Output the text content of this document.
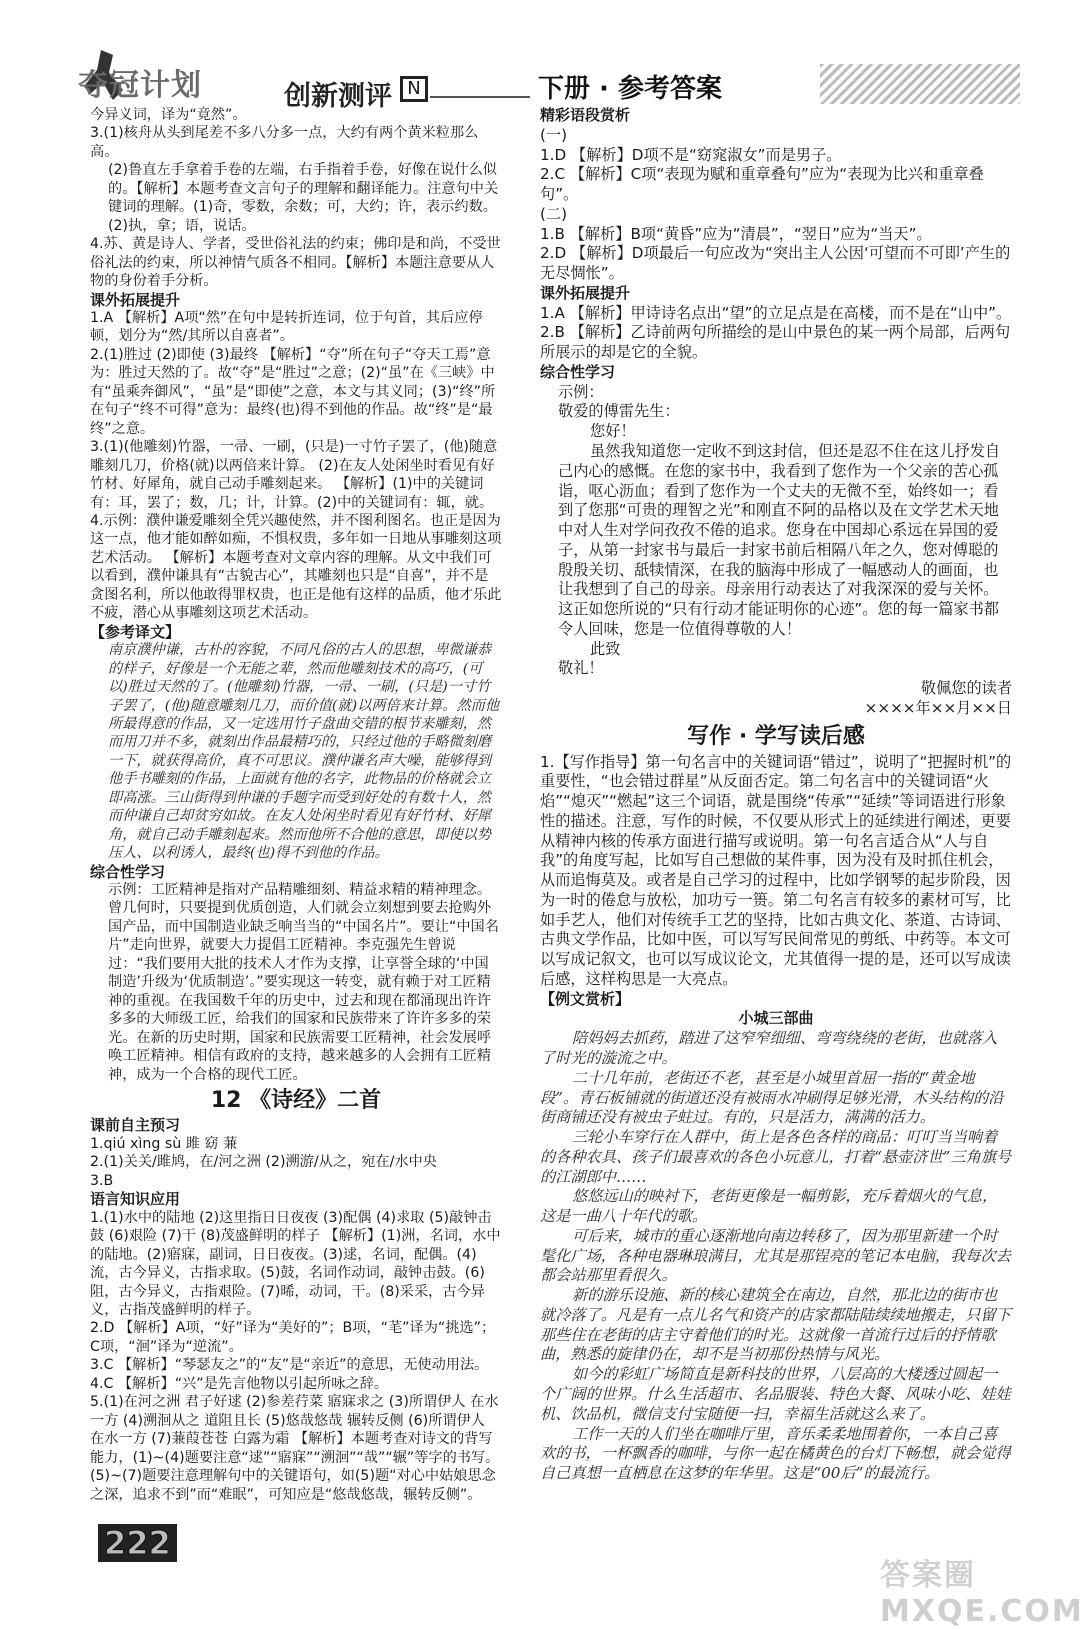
夺冠计划	创新测评 N	下册 · 参考答案

今异义词，译为“竟然”。

3.(1)核舟从头到尾差不多八分多一点，大约有两个黄米粒那么高。

(2)鲁直左手拿着手卷的左端，右手指着手卷，好像在说什么似的。【解析】本题考查文言句子的理解和翻译能力。注意句中关键词的理解。(1)奇，零数，余数；可，大约；许，表示约数。(2)执，拿；语，说话。

4.苏、黄是诗人、学者，受世俗礼法的约束；佛印是和尚，不受世俗礼法的约束，所以神情气质各不相同。【解析】本题注意要从人物的身份着手分析。

课外拓展提升

1.A 【解析】A项“然”在句中是转折连词，位于句首，其后应停顿，划分为“然/其所以自喜者”。

2.(1)胜过 (2)即使 (3)最终 【解析】“夺”所在句子“夺天工焉”意为：胜过天然的了。故“夺”是“胜过”之意；(2)“虽”在《三峡》中有“虽乘奔御风”，“虽”是“即使”之意，本文与其义同；(3)“终”所在句子“终不可得”意为：最终(也)得不到他的作品。故“终”是“最终”之意。

3.(1)(他雕刻)竹器，一帚、一刷，(只是)一寸竹子罢了，(他)随意雕刻几刀，价格(就)以两倍来计算。 (2)在友人处闲坐时看见有好竹材、好犀角，就自己动手雕刻起来。 【解析】(1)中的关键词有：耳，罢了；数，几；计，计算。(2)中的关键词有：辄，就。

4.示例：濮仲谦爱雕刻全凭兴趣使然，并不图利图名。也正是因为这一点，他才能如醉如痴，不惧权贵，多年如一日地从事雕刻这项艺术活动。 【解析】本题考查对文章内容的理解。从文中我们可以看到，濮仲谦具有“古貌古心”，其雕刻也只是“自喜”，并不是贪图名利，所以他敢得罪权贵，也正是他有这样的品质，他才乐此不疲，潜心从事雕刻这项艺术活动。

【参考译文】

南京濮仲谦，古朴的容貌，不同凡俗的古人的思想，卑微谦恭的样子，好像是一个无能之辈，然而他雕刻技术的高巧，(可以)胜过天然的了。(他雕刻)竹器，一帚、一刷，(只是)一寸竹子罢了，(他)随意雕刻几刀，而价值(就)以两倍来计算。然而他所最得意的作品，又一定选用竹子盘曲交错的根节来雕刻，然而用刀并不多，就刻出作品最精巧的，只经过他的手略微刻磨一下，就获得高价，真不可思议。濮仲谦名声大噪，能够得到他手书雕刻的作品，上面就有他的名字，此物品的价格就会立即高涨。三山街得到仲谦的手题字而受到好处的有数十人，然而仲谦自己却贫穷如故。在友人处闲坐时看见有好竹材、好犀角，就自己动手雕刻起来。然而他所不合他的意思，即使以势压人、以利诱人，最终(也)得不到他的作品。

综合性学习

示例：工匠精神是指对产品精雕细刻、精益求精的精神理念。曾几何时，只要提到优质创造，人们就会立刻想到要去抢购外国产品，而中国制造业缺乏响当当的“中国名片”。要让“中国名片”走向世界，就要大力提倡工匠精神。李克强先生曾说过：“我们要用大批的技术人才作为支撑，让享誉全球的‘中国制造’升级为‘优质制造’。”要实现这一转变，就有赖于对工匠精神的重视。在我国数千年的历史中，过去和现在都涌现出许许多多的大师级工匠，给我们的国家和民族带来了许许多多的荣光。在新的历史时期，国家和民族需要工匠精神，社会发展呼唤工匠精神。相信有政府的支持，越来越多的人会拥有工匠精神，成为一个合格的现代工匠。

12 《诗经》二首

课前自主预习

1.qiú xìng sù 雎 窈 蒹

2.(1)关关/雎鸠，在/河之洲 (2)溯游/从之，宛在/水中央

3.B

语言知识应用

1.(1)水中的陆地 (2)这里指日日夜夜 (3)配偶 (4)求取 (5)敲钟击鼓 (6)艰险 (7)干 (8)茂盛鲜明的样子 【解析】(1)洲，名词，水中的陆地。(2)寤寐，副词，日日夜夜。(3)逑，名词，配偶。(4)流，古今异义，古指求取。(5)鼓，名词作动词，敲钟击鼓。(6)阻，古今异义，古指艰险。(7)晞，动词，干。(8)采采，古今异义，古指茂盛鲜明的样子。

2.D 【解析】A项，“好”译为“美好的”；B项，“芼”译为“挑选”；C项，“洄”译为“逆流”。

3.C 【解析】“琴瑟友之”的“友”是“亲近”的意思，无使动用法。

4.C 【解析】“兴”是先言他物以引起所咏之辞。

5.(1)在河之洲 君子好逑 (2)参差荇菜 寤寐求之 (3)所谓伊人 在水一方 (4)溯洄从之 道阻且长 (5)悠哉悠哉 辗转反侧 (6)所谓伊人 在水一方 (7)蒹葭苍苍 白露为霜 【解析】本题考查对诗文的背写能力，(1)~(4)题要注意“逑”“寤寐”“溯洄”“哉”“辗”等字的书写。(5)~(7)题要注意理解句中的关键语句，如(5)题“对心中姑娘思念之深，追求不到”而“难眠”，可知应是“悠哉悠哉，辗转反侧”。

精彩语段赏析

(一)

1.D 【解析】D项不是“窈窕淑女”而是男子。

2.C 【解析】C项“表现为赋和重章叠句”应为“表现为比兴和重章叠句”。

(二)

1.B 【解析】B项“黄昏”应为“清晨”，“翌日”应为“当天”。

2.D 【解析】D项最后一句应改为“突出主人公因‘可望而不可即’产生的无尽惆怅”。

课外拓展提升

1.A 【解析】甲诗诗名点出“望”的立足点是在高楼，而不是在“山中”。

2.B 【解析】乙诗前两句所描绘的是山中景色的某一两个局部，后两句所展示的却是它的全貌。

综合性学习

示例：

敬爱的傅雷先生：

您好！

虽然我知道您一定收不到这封信，但还是忍不住在这儿抒发自己内心的感慨。在您的家书中，我看到了您作为一个父亲的苦心孤诣，呕心沥血；看到了您作为一个丈夫的无微不至，始终如一；看到了您那“可贵的理智之光”和刚直不阿的品格以及在文学艺术天地中对人生对学问孜孜不倦的追求。您身在中国却心系远在异国的爱子，从第一封家书与最后一封家书前后相隔八年之久，您对傅聪的殷殷关切、舐犊情深，在我的脑海中形成了一幅感动人的画面，也让我想到了自己的母亲。母亲用行动表达了对我深深的爱与关怀。这正如您所说的“只有行动才能证明你的心迹”。您的每一篇家书都令人回味，您是一位值得尊敬的人！

此致

敬礼！

敬佩您的读者

××××年××月××日

写作 · 学写读后感

1.【写作指导】第一句名言中的关键词语“错过”，说明了“把握时机”的重要性，“也会错过群星”从反面否定。第二句名言中的关键词语“火焰”“熄灭”“燃起”这三个词语，就是围绕“传承”“延续”等词语进行形象性的描述。注意，写作的时候，不仅要从形式上的延续进行阐述，更要从精神内核的传承方面进行描写或说明。第一句名言适合从“人与自我”的角度写起，比如写自己想做的某件事，因为没有及时抓住机会，从而追悔莫及。或者是自己学习的过程中，比如学钢琴的起步阶段，因为一时的倦怠与放松，加功亏一篑。第二句名言有较多的素材可写，比如手艺人，他们对传统手工艺的坚持，比如古典文化、茶道、古诗词、古典文学作品，比如中医，可以写写民间常见的剪纸、中药等。本文可以写成记叙文，也可以写成议论文，尤其值得一提的是，还可以写成读后感，这样构思是一大亮点。

【例文赏析】

小城三部曲

陪妈妈去抓药，踏进了这窄窄细细、弯弯绕绕的老街，也就落入了时光的漩流之中。

二十几年前，老街还不老，甚至是小城里首屈一指的“黄金地段”。青石板铺就的街道还没有被雨水冲刷得足够光滑，木头结构的沿街商铺还没有被虫子蛀过。有的，只是活力，满满的活力。

三轮小车穿行在人群中，街上是各色各样的商品：叮叮当当响着的各种农具、孩子们最喜欢的各色小玩意儿，打着“悬壶济世”三角旗号的江湖郎中……

悠悠远山的映衬下，老街更像是一幅剪影，充斥着烟火的气息，这是一曲八十年代的歌。

可后来，城市的重心逐渐地向南边转移了，因为那里新建一个时髦化广场，各种电器琳琅满目，尤其是那锃亮的笔记本电脑，我每次去都会站那里看很久。

新的游乐设施、新的核心建筑全在南边，自然，那北边的街市也就冷落了。凡是有一点儿名气和资产的店家都陆陆续续地搬走，只留下那些住在老街的店主守着他们的时光。这就像一首流行过后的抒情歌曲，熟悉的旋律仍在，却不是当初那份热情与风光。

如今的彩虹广场简直是新科技的世界，八层高的大楼透过圆起一个广阔的世界。什么生活超市、名品服装、特色大餐、风味小吃、娃娃机、饮品机，微信支付宝随便一扫，幸福生活就这么来了。

工作一天的人们坐在咖啡厅里，音乐柔柔地围着你，一本自己喜欢的书，一杯飘香的咖啡，与你一起在橘黄色的台灯下畅想，就会觉得自己真想一直栖息在这梦的年华里。这是“00后”的最流行。

222
答案圈 MXQE.COM
